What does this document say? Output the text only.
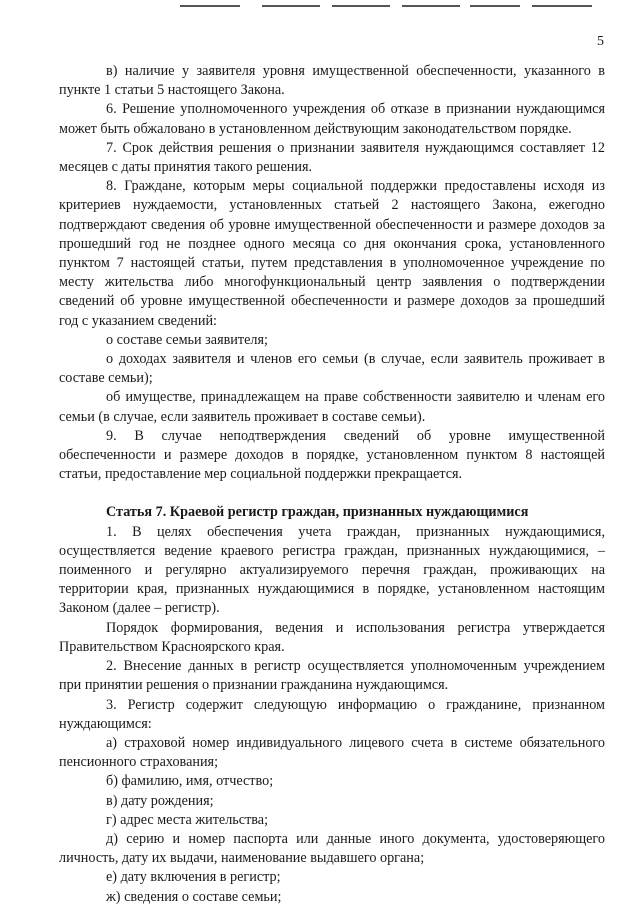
5

в) наличие у заявителя уровня имущественной обеспеченности, указанного в пункте 1 статьи 5 настоящего Закона.

6. Решение уполномоченного учреждения об отказе в признании нуждающимся может быть обжаловано в установленном действующим законодательством порядке.

7. Срок действия решения о признании заявителя нуждающимся составляет 12 месяцев с даты принятия такого решения.

8. Граждане, которым меры социальной поддержки предоставлены исходя из критериев нуждаемости, установленных статьей 2 настоящего Закона, ежегодно подтверждают сведения об уровне имущественной обеспеченности и размере доходов за прошедший год не позднее одного месяца со дня окончания срока, установленного пунктом 7 настоящей статьи, путем представления в уполномоченное учреждение по месту жительства либо многофункциональный центр заявления о подтверждении сведений об уровне имущественной обеспеченности и размере доходов за прошедший год с указанием сведений:

о составе семьи заявителя;

о доходах заявителя и членов его семьи (в случае, если заявитель проживает в составе семьи);

об имуществе, принадлежащем на праве собственности заявителю и членам его семьи (в случае, если заявитель проживает в составе семьи).

9. В случае неподтверждения сведений об уровне имущественной обеспеченности и размере доходов в порядке, установленном пунктом 8 настоящей статьи, предоставление мер социальной поддержки прекращается.

Статья 7. Краевой регистр граждан, признанных нуждающимися

1. В целях обеспечения учета граждан, признанных нуждающимися, осуществляется ведение краевого регистра граждан, признанных нуждающимися, – поименного и регулярно актуализируемого перечня граждан, проживающих на территории края, признанных нуждающимися в порядке, установленном настоящим Законом (далее – регистр).

Порядок формирования, ведения и использования регистра утверждается Правительством Красноярского края.

2. Внесение данных в регистр осуществляется уполномоченным учреждением при принятии решения о признании гражданина нуждающимся.

3. Регистр содержит следующую информацию о гражданине, признанном нуждающимся:

а) страховой номер индивидуального лицевого счета в системе обязательного пенсионного страхования;

б) фамилию, имя, отчество;

в) дату рождения;

г) адрес места жительства;

д) серию и номер паспорта или данные иного документа, удостоверяющего личность, дату их выдачи, наименование выдавшего органа;

е) дату включения в регистр;

ж) сведения о составе семьи;
